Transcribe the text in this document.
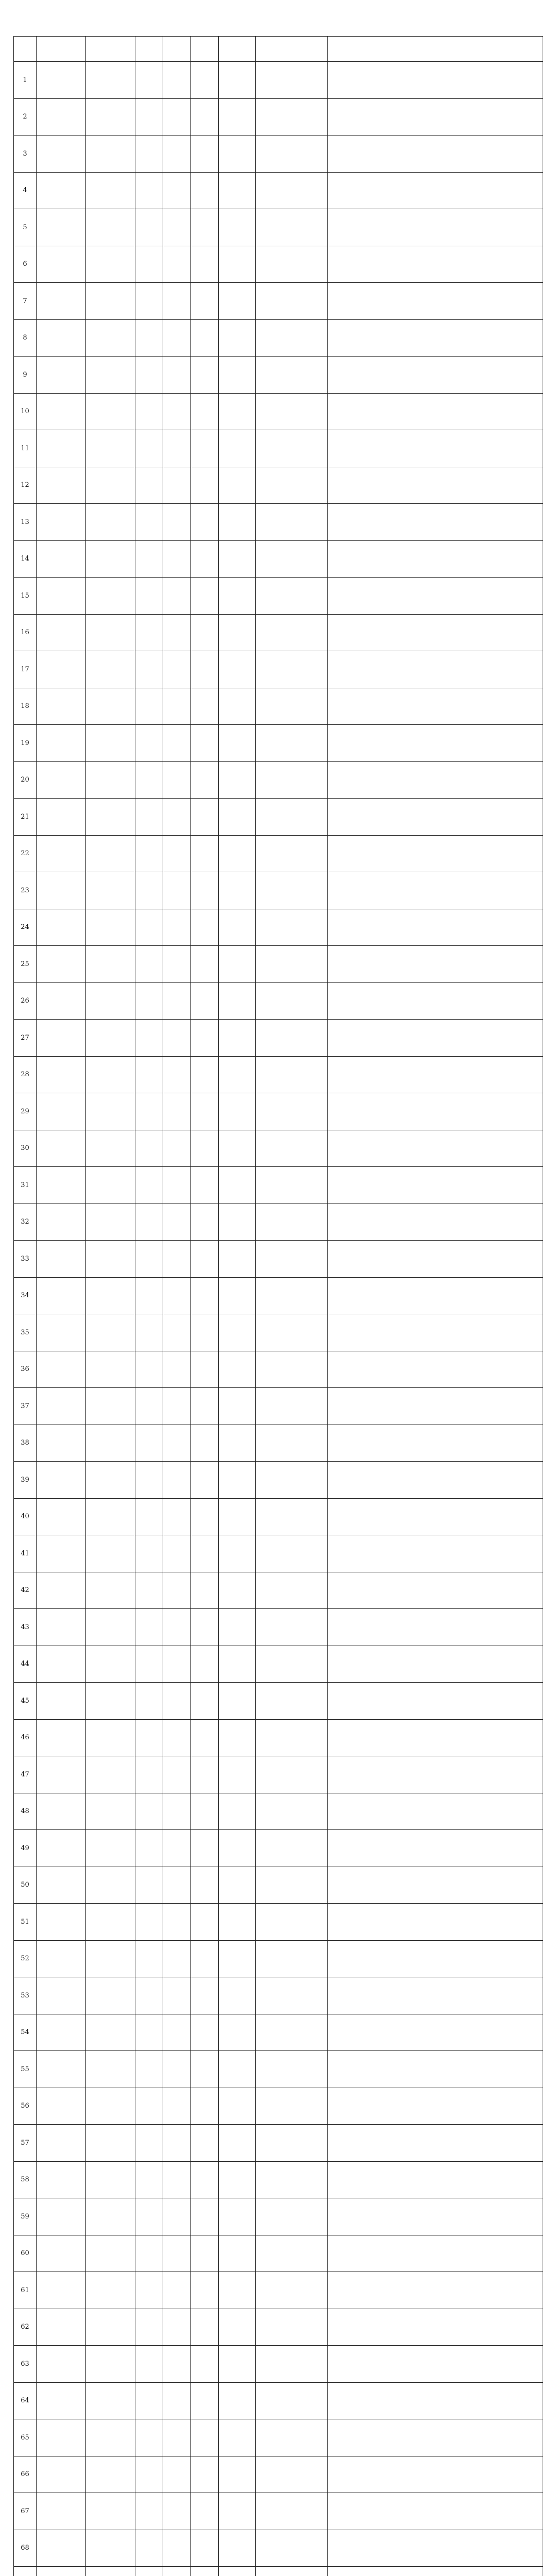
1								
2								
3								
4								
5								
6								
7								
8								
9								
10								
11								
12								
13								
14								
15								
16								
17								
18								
19								
20								
21								
22								
23								
24								
25								
26								
27								
28								
29								
30								
31								
32								
33								
34								
35								
36								
37								
38								
39								
40								
41								
42								
43								
44								
45								
46								
47								
48								
49								
50								
51								
52								
53								
54								
55								
56								
57								
58								
59								
60								
61								
62								
63								
64								
65								
66								
67								
68								
